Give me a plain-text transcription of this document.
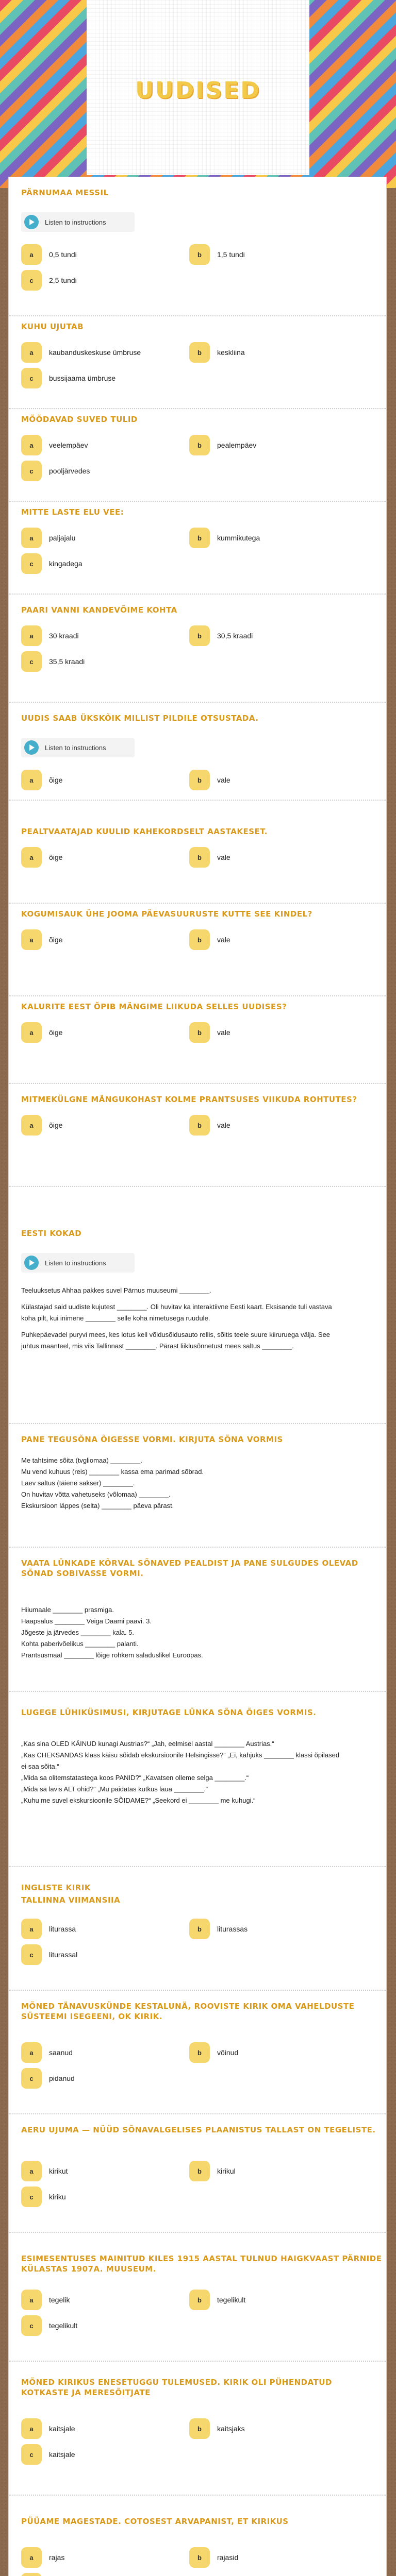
UUDISED
PÄRNUMAA MESSIL
Listen to instructions
a	0,5 tundi	b	1,5 tundi
c	2,5 tundi
KUHU UJUTAB
a	kaubanduskeskuse ümbruse	b	keskliina
c	bussijaama ümbruse
MÕÕDAVAD SUVED TULID
a	veelempäev	b	pealempäev
c	pooljärvedes
MITTE LASTE ELU VEE:
a	paljajalu	b	kummikutega
c	kingadega
PAARI VANNI KANDEVÕIME KOHTA
a	30 kraadi	b	30,5 kraadi
c	35,5 kraadi
UUDIS SAAB ÜKSKÕIK MILLIST PILDILE OTSUSTADA.
Listen to instructions
a	õige	b	vale
PEALTVAATAJAD KUULID KAHEKORDSELT AASTAKESET.
a	õige	b	vale
KOGUMISAUK ÜHE JOOMA PÄEVASUURUSTE KUTTE SEE KINDEL?
a	õige	b	vale
KALURITE EEST ÕPIB MÄNGIME LIIKUDA SELLES UUDISES?
a	õige	b	vale
MITMEKÜLGNE MÄNGUKOHAST KOLME PRANTSUSES VIIKUDA ROHTUTES?
a	õige	b	vale
EESTI KOKAD
Listen to instructions
Teeluuksetus Ahhaa pakkes suvel Pärnus muuseumi ________.
Külastajad said uudiste kujutest ________. Oli huvitav ka interaktiivne Eesti kaart. Eksisande tuli vastava koha pilt, kui inimene ________ selle koha nimetusega ruudule.
Puhkepäevadel puryvi mees, kes lotus kell võidusõidusauto rellis, sõitis teele suure kiiruruega välja. See juhtus maanteel, mis viis Tallinnast ________. Pärast liiklusõnnetust mees saltus ________.
PANE TEGUSÕNA ÕIGESSE VORMI. KIRJUTA SÕNA VORMIS
Me tahtsime sõita (tvgliomaa) ________.
Mu vend kuhuus (reis) ________ kassa ema parimad sõbrad.
Laev saltus (täiene sakser) ________.
On huvitav võtta vahetuseks (võlomaa) ________.
Ekskursioon läppes (selta) ________ päeva pärast.
VAATA LÜNKADE KÕRVAL SÕNAVED PEALDIST JA PANE SULGUDES OLEVAD SÕNAD SOBIVASSE VORMI.
Hiiumaale ________ prasmiga.
Haapsalus ________ Veiga Daami paavi. 3.
Jõgeste ja järvedes ________ kala. 5.
Kohta paberivõelikus ________ palanti.
Prantsusmaal ________ lõige rohkem saladuslikel Euroopas.
LUGEGE LÜHIKÜSIMUSI, KIRJUTAGE LÜNKA SÕNA ÕIGES VORMIS.
„Kas sina OLED KÄINUD kunagi Austrias?“ „Jah, eelmisel aastal ________ Austrias.“
„Kas CHEKSANDAS klass käisu sõidab ekskursioonile Helsingisse?“ „Ei, kahjuks ________ klassi õpilased ei saa sõita.“
„Mida sa olitemstatastega koos PANID?“ „Kavatsen olleme selga ________.“
„Mida sa lavis ALT ohid?“ „Mu paidatas kutkus laua ________.“
„Kuhu me suvel ekskursioonile SÕIDAME?“ „Seekord ei ________ me kuhugi.“
INGLISTE KIRIK
TALLINNA VIIMANSIIA
a	liturassa	b	liturassas
c	liturassal
MÕNED TÄNAVUSKÜNDE KESTALUNÄ, ROOVISTE KIRIK OMA VAHELDUSTE SÜSTEEMI ISEGEENI, OK KIRIK.
a	saanud	b	võinud
c	pidanud
AERU UJUMA — NÜÜD SÕNAVALGELISES PLAANISTUS TALLAST ON TEGELISTE.
a	kirikut	b	kirikul
c	kiriku
ESIMESENTUSES MAINITUD KILES 1915 AASTAL TULNUD HAIGKVAAST PÄRNIDE KÜLASTAS 1907A. MUUSEUM.
a	tegelik	b	tegelikult
c	tegelikult
MÕNED KIRIKUS ENESETUGGU TULEMUSED. KIRIK OLI PÜHENDATUD KOTKASTE JA MERESÕITJATE
a	kaitsjale	b	kaitsjaks
c	kaitsjale
PÜÜAME MAGESTADE. COTOSEST ARVAPANIST, ET KIRIKUS
a	rajas	b	rajasid
